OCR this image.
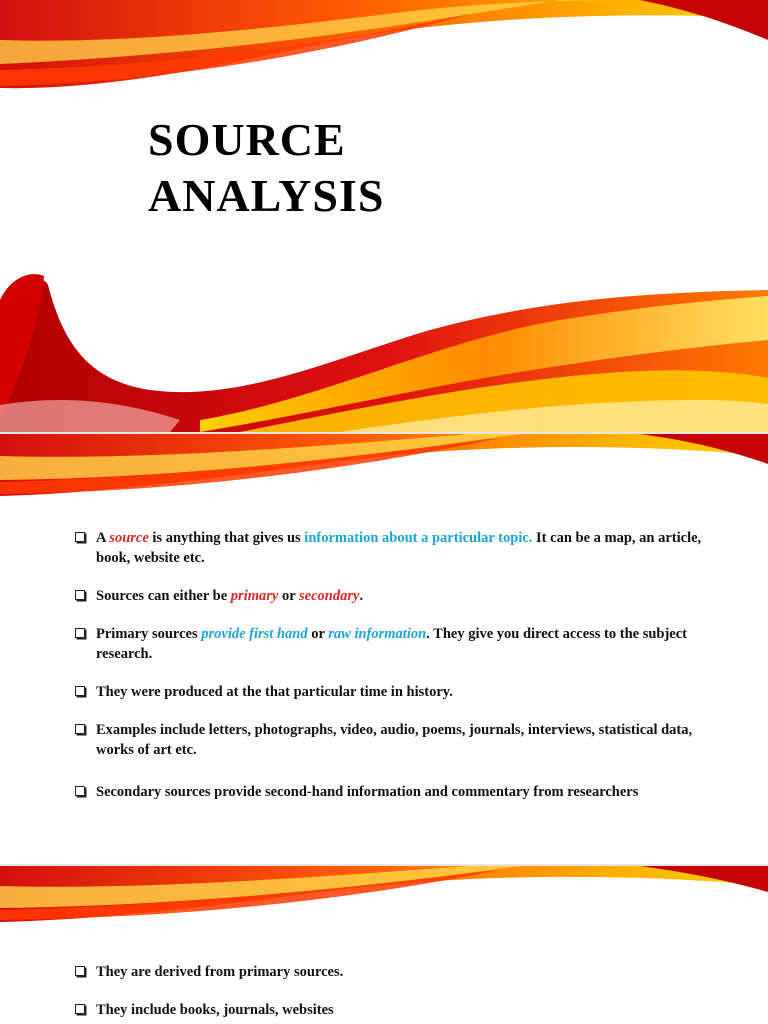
SOURCE
ANALYSIS
A source is anything that gives us information about a particular topic. It can be a map, an article, book, website etc.
Sources can either be primary or secondary.
Primary sources provide first hand or raw information. They give you direct access to the subject research.
They were produced at the that particular time in history.
Examples include letters, photographs, video, audio, poems, journals, interviews, statistical data, works of art etc.
Secondary sources provide second-hand information and commentary from researchers
They are derived from primary sources.
They include books, journals, websites
